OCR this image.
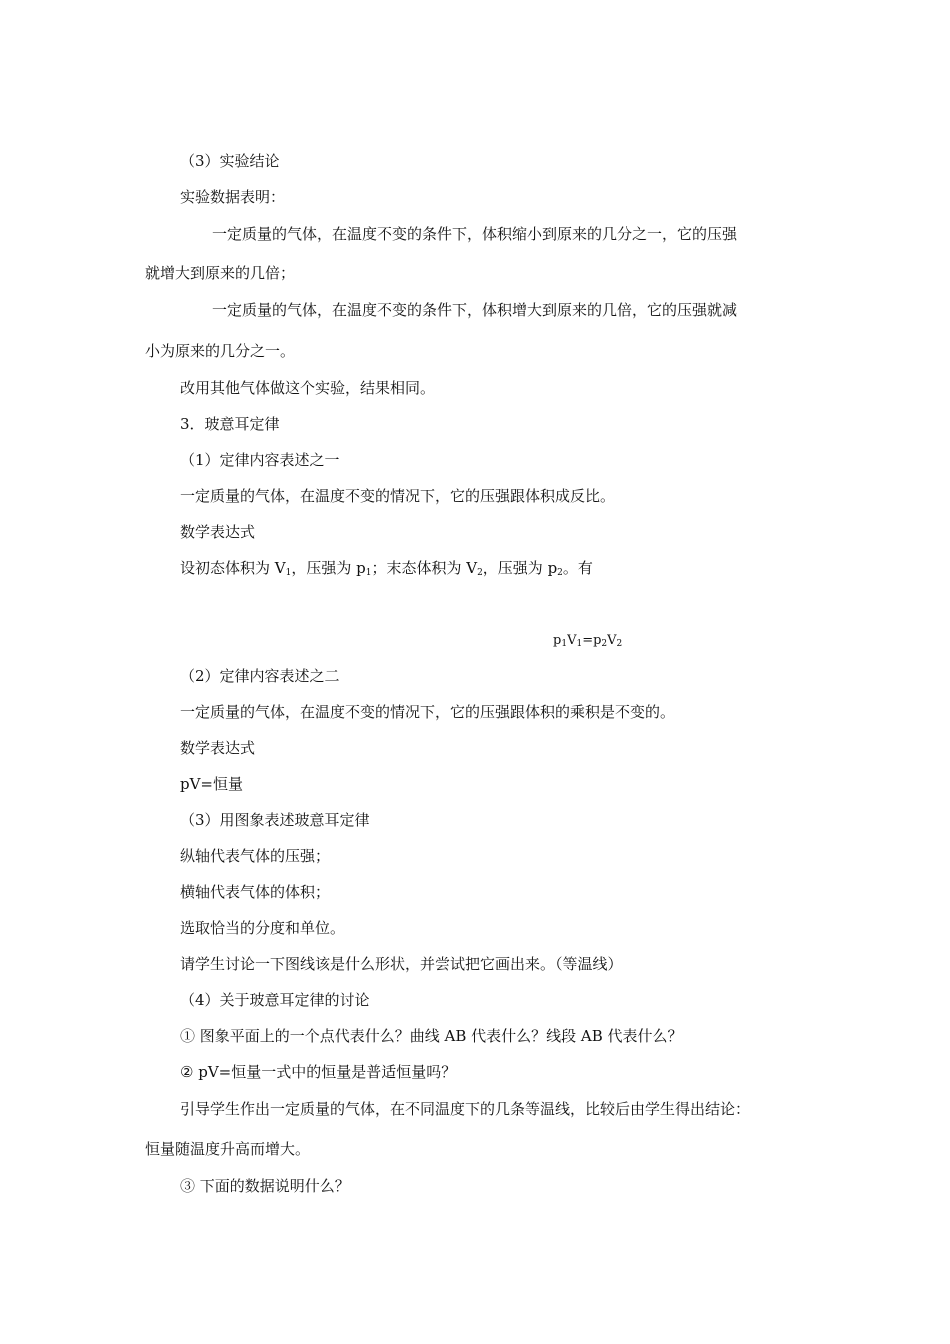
（3）实验结论
实验数据表明：
一定质量的气体，在温度不变的条件下，体积缩小到原来的几分之一，它的压强
就增大到原来的几倍；
一定质量的气体，在温度不变的条件下，体积增大到原来的几倍，它的压强就减
小为原来的几分之一。
改用其他气体做这个实验，结果相同。
3．玻意耳定律
（1）定律内容表述之一
一定质量的气体，在温度不变的情况下，它的压强跟体积成反比。
数学表达式
设初态体积为 $V_1$，压强为 $p_1$；末态体积为 $V_2$，压强为 $p_2$。有
$p_1V_1=p_2V_2$
（2）定律内容表述之二
一定质量的气体，在温度不变的情况下，它的压强跟体积的乘积是不变的。
数学表达式
pV=恒量
（3）用图象表述玻意耳定律
纵轴代表气体的压强；
横轴代表气体的体积；
选取恰当的分度和单位。
请学生讨论一下图线该是什么形状，并尝试把它画出来。（等温线）
（4）关于玻意耳定律的讨论
① 图象平面上的一个点代表什么？曲线 AB 代表什么？线段 AB 代表什么？
② pV=恒量一式中的恒量是普适恒量吗？
引导学生作出一定质量的气体，在不同温度下的几条等温线，比较后由学生得出结论：
恒量随温度升高而增大。
③ 下面的数据说明什么？
